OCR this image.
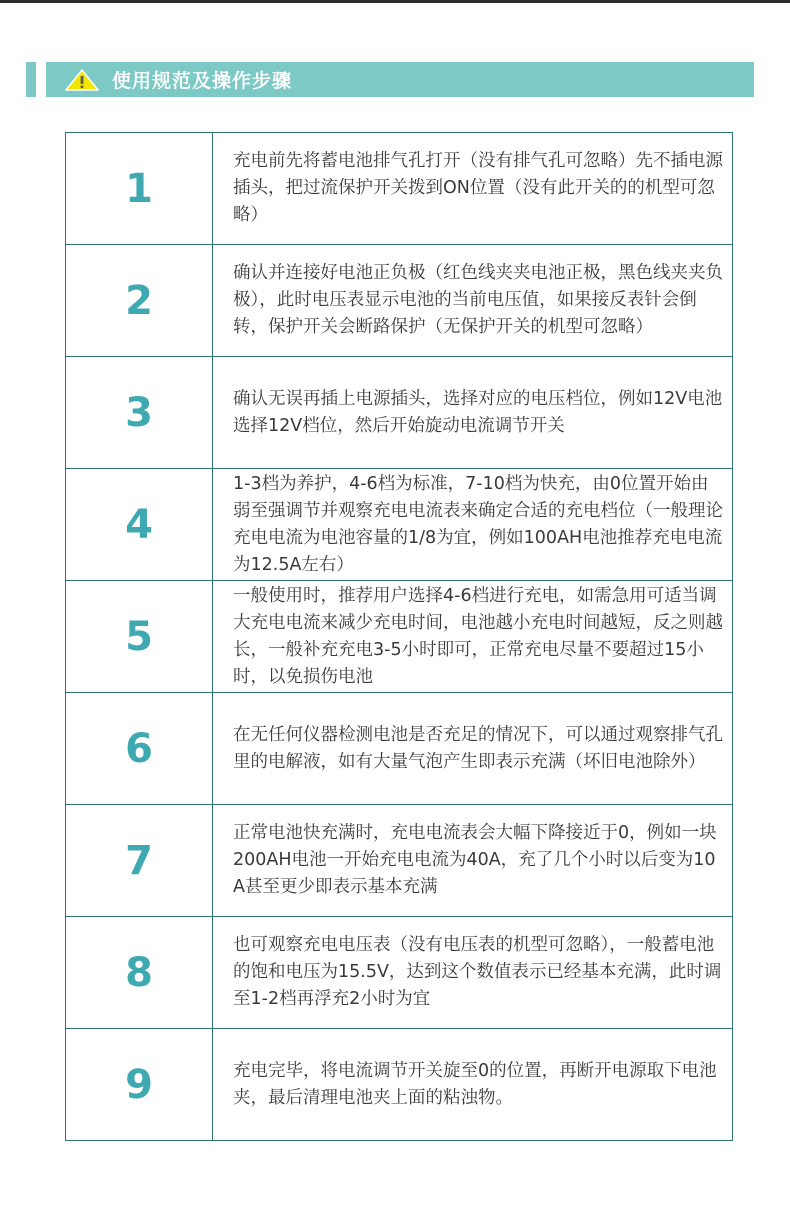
使用规范及操作步骤
1	充电前先将蓄电池排气孔打开（没有排气孔可忽略）先不插电源插头，把过流保护开关拨到ON位置（没有此开关的的机型可忽略）

2	确认并连接好电池正负极（红色线夹夹电池正极，黑色线夹夹负极），此时电压表显示电池的当前电压值，如果接反表针会倒转，保护开关会断路保护（无保护开关的机型可忽略）

3	确认无误再插上电源插头，选择对应的电压档位，例如12V电池选择12V档位，然后开始旋动电流调节开关

4	1-3档为养护，4-6档为标准，7-10档为快充，由0位置开始由弱至强调节并观察充电电流表来确定合适的充电档位（一般理论充电电流为电池容量的1/8为宜，例如100AH电池推荐充电电流为12.5A左右）

5	一般使用时，推荐用户选择4-6档进行充电，如需急用可适当调大充电电流来减少充电时间，电池越小充电时间越短，反之则越长，一般补充充电3-5小时即可，正常充电尽量不要超过15小时，以免损伤电池

6	在无任何仪器检测电池是否充足的情况下，可以通过观察排气孔里的电解液，如有大量气泡产生即表示充满（坏旧电池除外）

7	正常电池快充满时，充电电流表会大幅下降接近于0，例如一块200AH电池一开始充电电流为40A，充了几个小时以后变为10A甚至更少即表示基本充满

8	也可观察充电电压表（没有电压表的机型可忽略），一般蓄电池的饱和电压为15.5V，达到这个数值表示已经基本充满，此时调至1-2档再浮充2小时为宜

9	充电完毕，将电流调节开关旋至0的位置，再断开电源取下电池夹，最后清理电池夹上面的粘浊物。
